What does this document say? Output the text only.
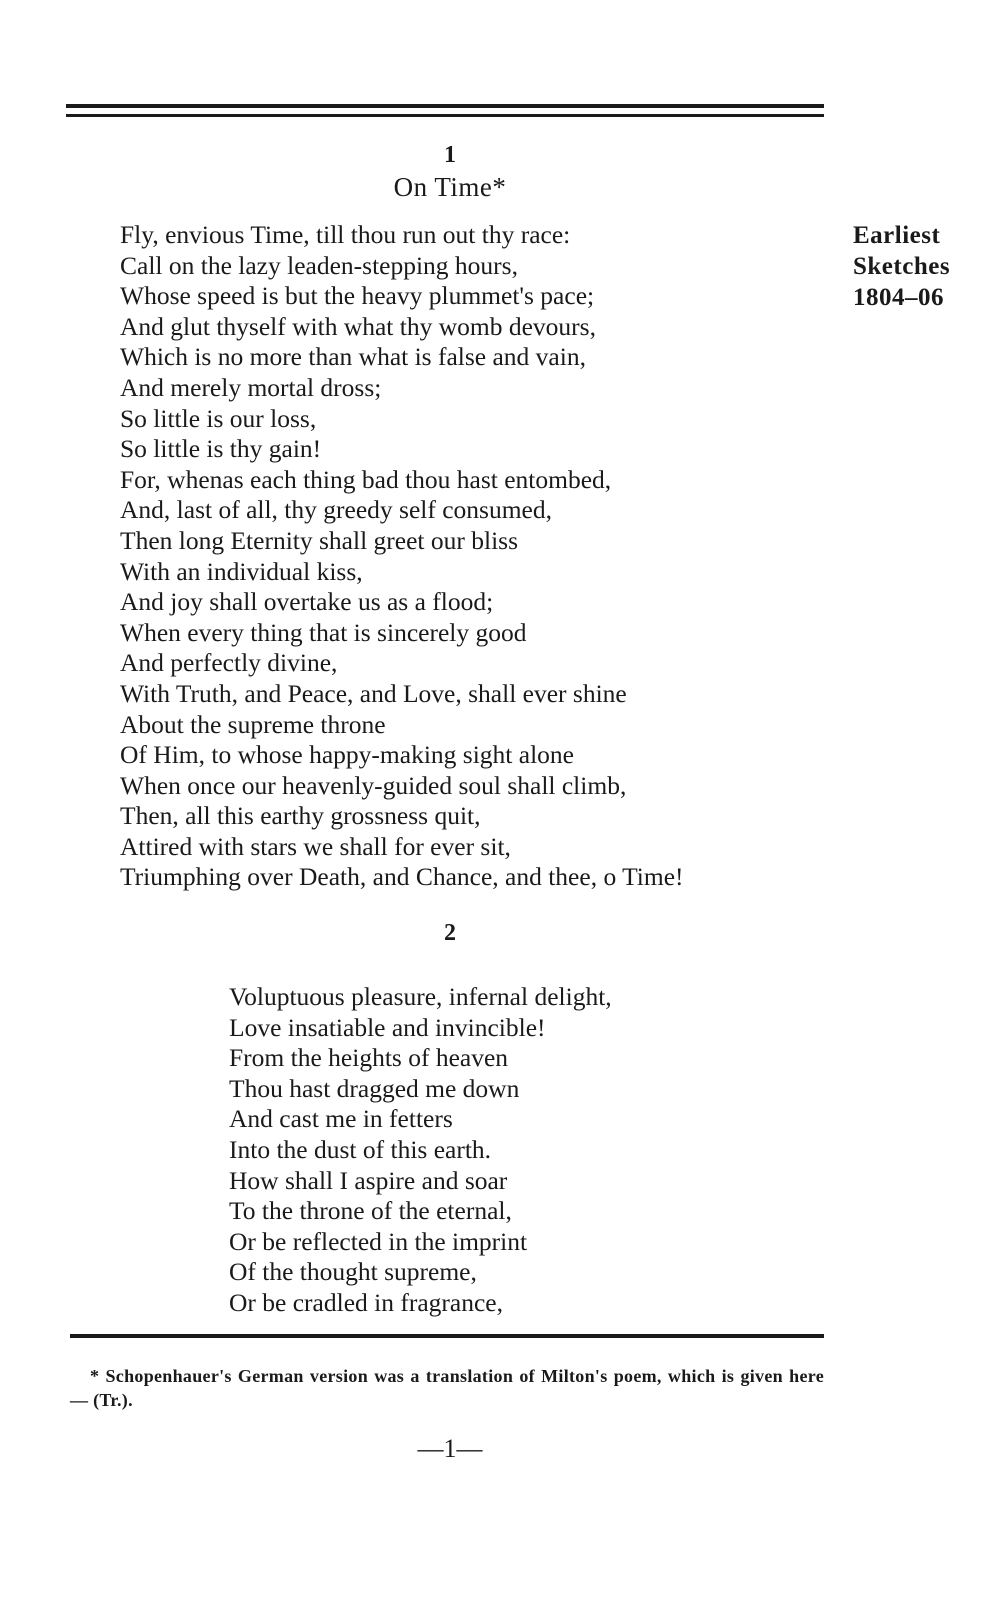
1
On Time*
Fly, envious Time, till thou run out thy race:
Call on the lazy leaden-stepping hours,
Whose speed is but the heavy plummet's pace;
And glut thyself with what thy womb devours,
Which is no more than what is false and vain,
And merely mortal dross;
So little is our loss,
So little is thy gain!
For, whenas each thing bad thou hast entombed,
And, last of all, thy greedy self consumed,
Then long Eternity shall greet our bliss
With an individual kiss,
And joy shall overtake us as a flood;
When every thing that is sincerely good
And perfectly divine,
With Truth, and Peace, and Love, shall ever shine
About the supreme throne
Of Him, to whose happy-making sight alone
When once our heavenly-guided soul shall climb,
Then, all this earthy grossness quit,
Attired with stars we shall for ever sit,
Triumphing over Death, and Chance, and thee, o Time!
Earliest
Sketches
1804–06
2
Voluptuous pleasure, infernal delight,
Love insatiable and invincible!
From the heights of heaven
Thou hast dragged me down
And cast me in fetters
Into the dust of this earth.
How shall I aspire and soar
To the throne of the eternal,
Or be reflected in the imprint
Of the thought supreme,
Or be cradled in fragrance,
* Schopenhauer's German version was a translation of Milton's poem, which is given here — (Tr.).
—1—
